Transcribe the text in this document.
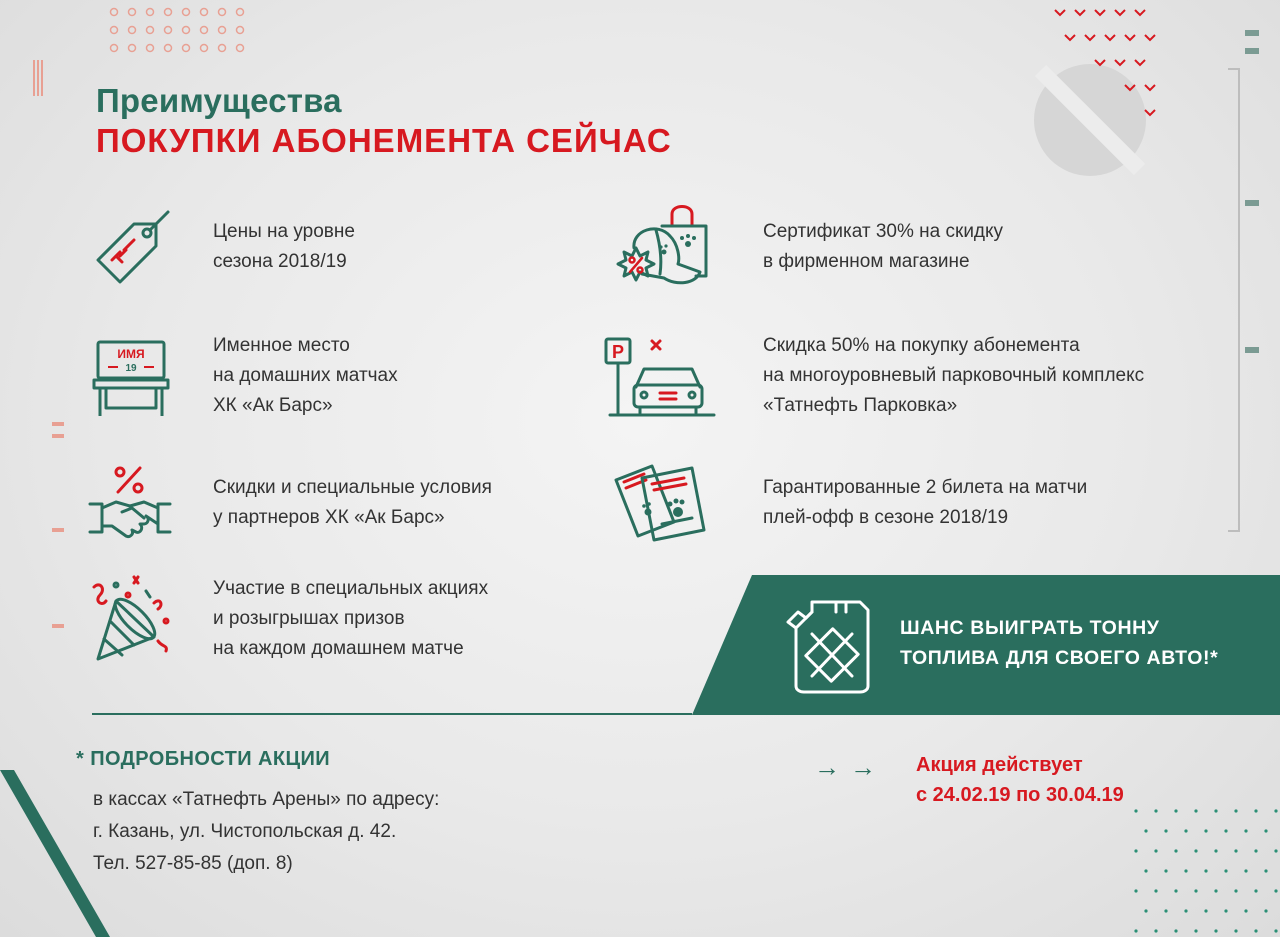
Преимущества
ПОКУПКИ АБОНЕМЕНТА СЕЙЧАС
Цены на уровне
сезона 2018/19
ИМЯ
19
Именное место
на домашних матчах
ХК «Ак Барс»
Скидки и специальные условия
у партнеров ХК «Ак Барс»
Участие в специальных акциях
и розыгрышах призов
на каждом домашнем матче
Сертификат 30% на скидку
в фирменном магазине
P	Скидка 50% на покупку абонемента
на многоуровневый парковочный комплекс
«Татнефть Парковка»
Гарантированные 2 билета на матчи
плей-офф в сезоне 2018/19
ШАНС ВЫИГРАТЬ ТОННУ
ТОПЛИВА ДЛЯ СВОЕГО АВТО!*
* ПОДРОБНОСТИ АКЦИИ
в кассах «Татнефть Арены» по адресу:
г. Казань, ул. Чистопольская д. 42.
Тел. 527-85-85 (доп. 8)
→→ Акция действует
с 24.02.19 по 30.04.19
